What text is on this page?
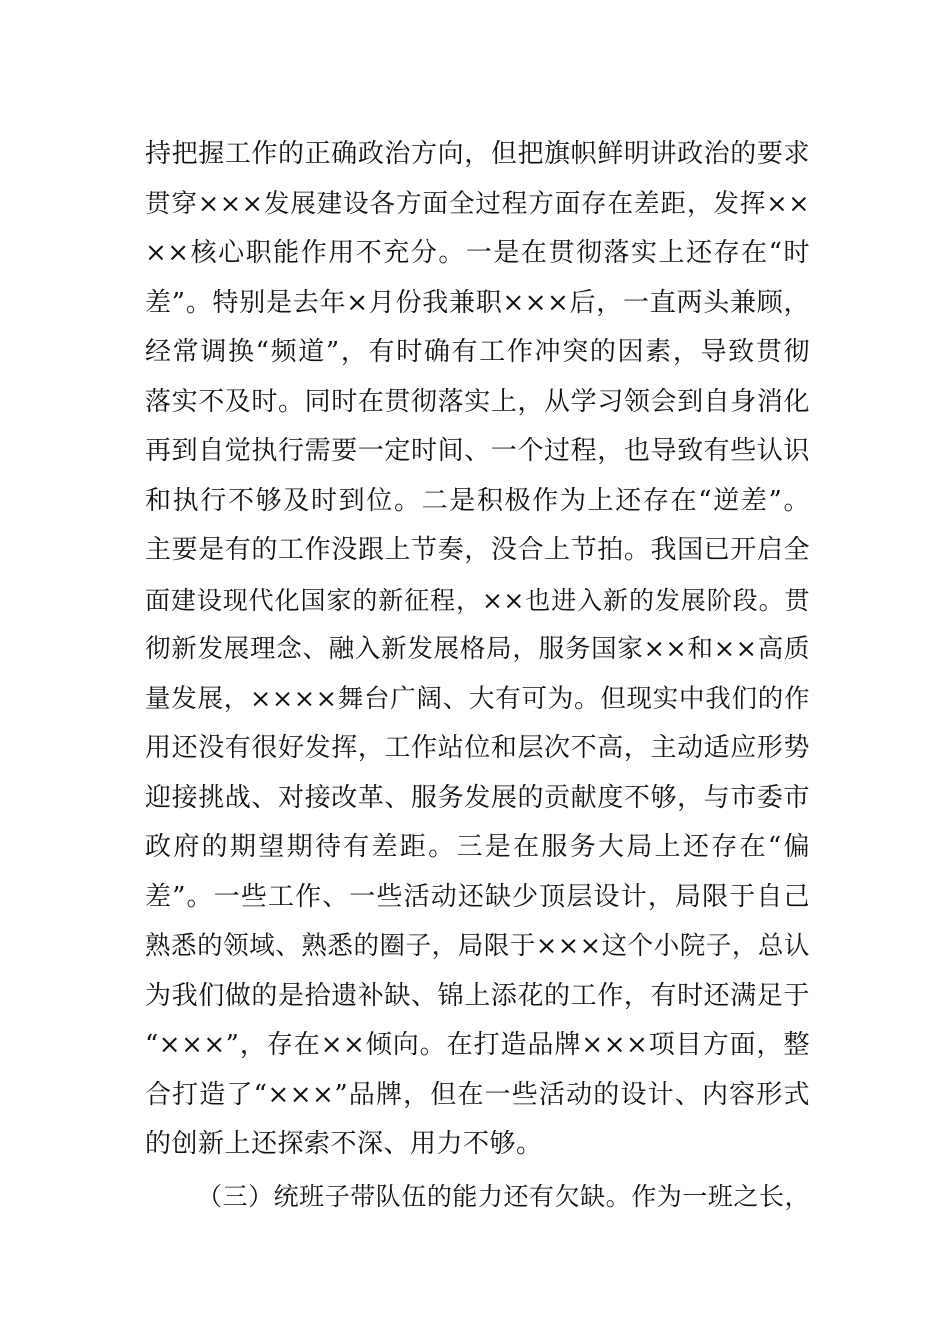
持把握工作的正确政治方向，但把旗帜鲜明讲政治的要求
贯穿×××发展建设各方面全过程方面存在差距，发挥××
××核心职能作用不充分。一是在贯彻落实上还存在“时
差”。特别是去年×月份我兼职×××后，一直两头兼顾，
经常调换“频道”，有时确有工作冲突的因素，导致贯彻
落实不及时。同时在贯彻落实上，从学习领会到自身消化
再到自觉执行需要一定时间、一个过程，也导致有些认识
和执行不够及时到位。二是积极作为上还存在“逆差”。
主要是有的工作没跟上节奏，没合上节拍。我国已开启全
面建设现代化国家的新征程，××也进入新的发展阶段。贯
彻新发展理念、融入新发展格局，服务国家××和××高质
量发展，××××舞台广阔、大有可为。但现实中我们的作
用还没有很好发挥，工作站位和层次不高，主动适应形势
迎接挑战、对接改革、服务发展的贡献度不够，与市委市
政府的期望期待有差距。三是在服务大局上还存在“偏
差”。一些工作、一些活动还缺少顶层设计，局限于自己
熟悉的领域、熟悉的圈子，局限于×××这个小院子，总认
为我们做的是拾遗补缺、锦上添花的工作，有时还满足于
“×××”，存在××倾向。在打造品牌×××项目方面，整
合打造了“×××”品牌，但在一些活动的设计、内容形式
的创新上还探索不深、用力不够。
（三）统班子带队伍的能力还有欠缺。作为一班之长，
